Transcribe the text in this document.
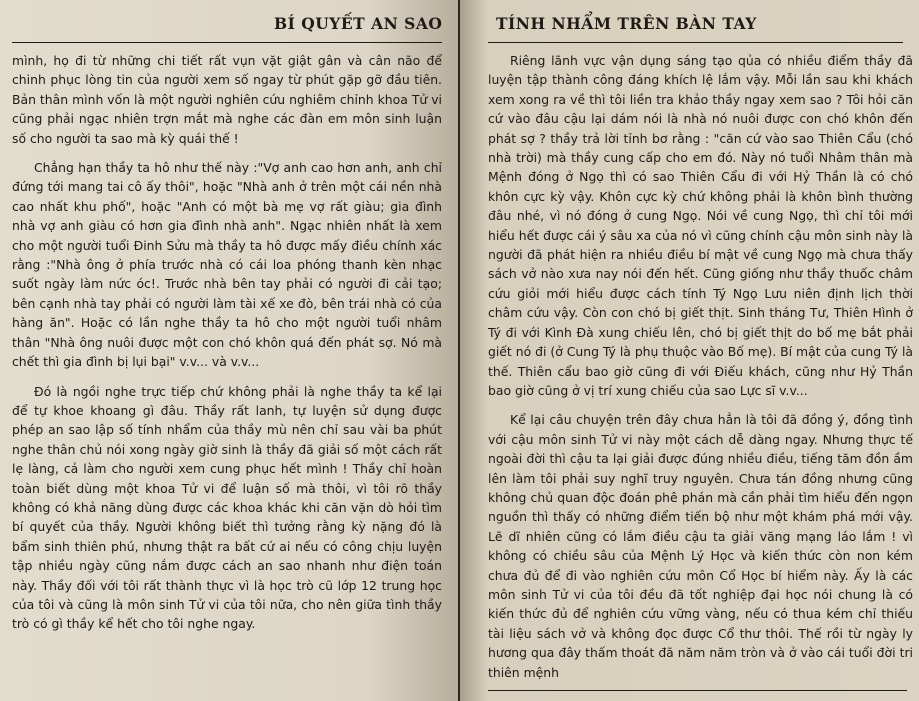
BÍ QUYẾT AN SAO

mình, họ đi từ những chi tiết rất vụn vặt giật gân và cân não để chinh phục lòng tin của người xem số ngay từ phút gặp gỡ đầu tiên. Bản thân mình vốn là một người nghiên cứu nghiêm chỉnh khoa Tử vi cũng phải ngạc nhiên trợn mắt mà nghe các đàn em môn sinh luận số cho người ta sao mà kỳ quái thế !

Chẳng hạn thầy ta hô như thế này :"Vợ anh cao hơn anh, anh chỉ đứng tới mang tai cô ấy thôi", hoặc "Nhà anh ở trên một cái nền nhà cao nhất khu phố", hoặc "Anh có một bà mẹ vợ rất giàu; gia đình nhà vợ anh giàu có hơn gia đình nhà anh". Ngạc nhiên nhất là xem cho một người tuổi Đinh Sửu mà thầy ta hô được mấy điều chính xác rằng :"Nhà ông ở phía trước nhà có cái loa phóng thanh kèn nhạc suốt ngày làm nức óc!. Trước nhà bên tay phải có người đi cải tạo; bên cạnh nhà tay phải có người làm tài xế xe đò, bên trái nhà có của hàng ăn". Hoặc có lần nghe thầy ta hô cho một người tuổi nhâm thân "Nhà ông nuôi được một con chó khôn quá đến phát sợ. Nó mà chết thì gia đình bị lụi bại" v.v... và v.v...

Đó là ngồi nghe trực tiếp chứ không phải là nghe thầy ta kể lại để tự khoe khoang gì đâu. Thầy rất lanh, tự luyện sử dụng được phép an sao lập số tính nhẩm của thầy mù nên chỉ sau vài ba phút nghe thân chủ nói xong ngày giờ sinh là thầy đã giải số một cách rất lẹ làng, cả làm cho người xem cung phục hết mình ! Thầy chỉ hoàn toàn biết dùng một khoa Tử vi để luận số mà thôi, vì tôi rõ thầy không có khả năng dùng được các khoa khác khi căn vặn dò hỏi tìm bí quyết của thầy. Người không biết thì tưởng rằng kỳ nặng đó là bẩm sinh thiên phú, nhưng thật ra bất cứ ai nếu có công chịu luyện tập nhiều ngày cũng nắm được cách an sao nhanh như điện toán này. Thầy đối với tôi rất thành thực vì là học trò cũ lớp 12 trung học của tôi và cũng là môn sinh Tử vi của tôi nữa, cho nên giữa tình thầy trò có gì thầy kể hết cho tôi nghe ngay.

TÍNH NHẨM TRÊN BÀN TAY

Riêng lãnh vực vận dụng sáng tạo qủa có nhiều điểm thầy đã luyện tập thành công đáng khích lệ lắm vậy. Mỗi lần sau khi khách xem xong ra về thì tôi liền tra khảo thầy ngay xem sao ? Tôi hỏi căn cứ vào đâu cậu lại dám nói là nhà nó nuôi được con chó khôn đến phát sợ ? thầy trả lời tỉnh bơ rằng : "căn cứ vào sao Thiên Cẩu (chó nhà trời) mà thầy cung cấp cho em đó. Này nó tuổi Nhâm thân mà Mệnh đóng ở Ngọ thì có sao Thiên Cẩu đi với Hỷ Thần là có chó khôn cực kỳ vậy. Khôn cực kỳ chứ không phải là khôn bình thường đâu nhé, vì nó đóng ở cung Ngọ. Nói về cung Ngọ, thì chỉ tôi mới hiểu hết được cái ý sâu xa của nó vì cũng chính cậu môn sinh này là người đã phát hiện ra nhiều điều bí mật về cung Ngọ mà chưa thấy sách vở nào xưa nay nói đến hết. Cũng giống như thầy thuốc châm cứu giỏi mới hiểu được cách tính Tý Ngọ Lưu niên định lịch thời châm cứu vậy. Còn con chó bị giết thịt. Sinh tháng Tư, Thiên Hình ở Tý đi với Kình Đà xung chiếu lên, chó bị giết thịt do bố mẹ bắt phải giết nó đi (ở Cung Tý là phụ thuộc vào Bố mẹ). Bí mật của cung Tý là thế. Thiên cẩu bao giờ cũng đi với Điếu khách, cũng như Hỷ Thần bao giờ cũng ở vị trí xung chiếu của sao Lực sĩ v.v...

Kể lại câu chuyện trên đây chưa hẳn là tôi đã đồng ý, đồng tình với cậu môn sinh Tử vi này một cách dễ dàng ngay. Nhưng thực tế ngoài đời thì cậu ta lại giải được đúng nhiều điều, tiếng tăm đồn ầm lên làm tôi phải suy nghĩ truy nguyên. Chưa tán đồng nhưng cũng không chủ quan độc đoán phê phán mà cần phải tìm hiểu đến ngọn nguồn thì thấy có những điểm tiến bộ như một khám phá mới vậy. Lẽ dĩ nhiên cũng có lắm điều cậu ta giải văng mạng láo lắm ! vì không có chiều sâu của Mệnh Lý Học và kiến thức còn non kém chưa đủ để đi vào nghiên cứu môn Cổ Học bí hiểm này. Ấy là các môn sinh Tử vi của tôi đều đã tốt nghiệp đại học nói chung là có kiến thức đủ để nghiên cứu vững vàng, nếu có thua kém chỉ thiếu tài liệu sách vở và không đọc được Cổ thư thôi. Thế rồi từ ngày ly hương qua đây thấm thoát đã năm năm tròn và ở vào cái tuổi đời tri thiên mệnh
